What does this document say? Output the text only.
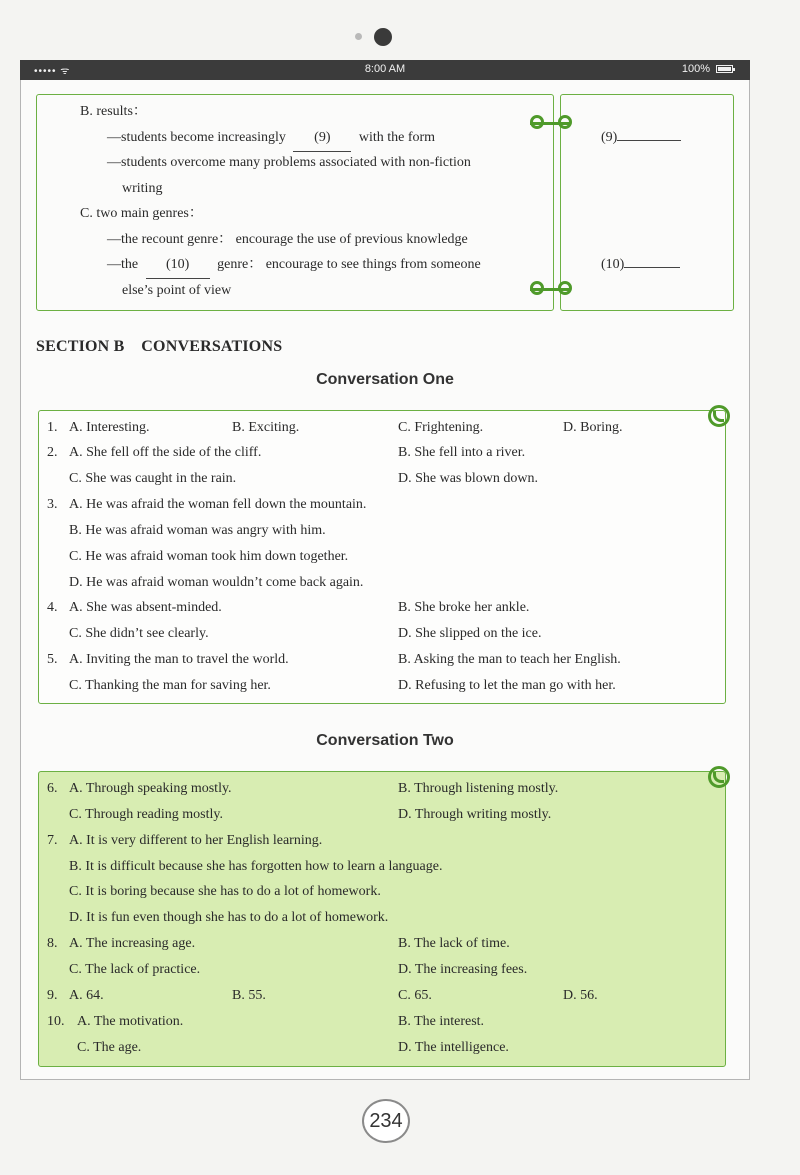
••••• ᯤ	8:00 AM	100%
B. results：
—students become increasingly (9) with the form
—students overcome many problems associated with non-fiction
writing
C. two main genres：
—the recount genre： encourage the use of previous knowledge
—the (10) genre： encourage to see things from someone
else’s point of view
(9)
(10)
SECTION B    CONVERSATIONS
Conversation One
1. A. Interesting.	B. Exciting.	C. Frightening.	D. Boring.
2. A. She fell off the side of the cliff.	B. She fell into a river.
C. She was caught in the rain.	D. She was blown down.
3. A. He was afraid the woman fell down the mountain.
B. He was afraid woman was angry with him.
C. He was afraid woman took him down together.
D. He was afraid woman wouldn’t come back again.
4. A. She was absent-minded.	B. She broke her ankle.
C. She didn’t see clearly.	D. She slipped on the ice.
5. A. Inviting the man to travel the world.	B. Asking the man to teach her English.
C. Thanking the man for saving her.	D. Refusing to let the man go with her.
Conversation Two
6. A. Through speaking mostly.	B. Through listening mostly.
C. Through reading mostly.	D. Through writing mostly.
7. A. It is very different to her English learning.
B. It is difficult because she has forgotten how to learn a language.
C. It is boring because she has to do a lot of homework.
D. It is fun even though she has to do a lot of homework.
8. A. The increasing age.	B. The lack of time.
C. The lack of practice.	D. The increasing fees.
9. A. 64.	B. 55.	C. 65.	D. 56.
10. A. The motivation.	B. The interest.
C. The age.	D. The intelligence.
234
